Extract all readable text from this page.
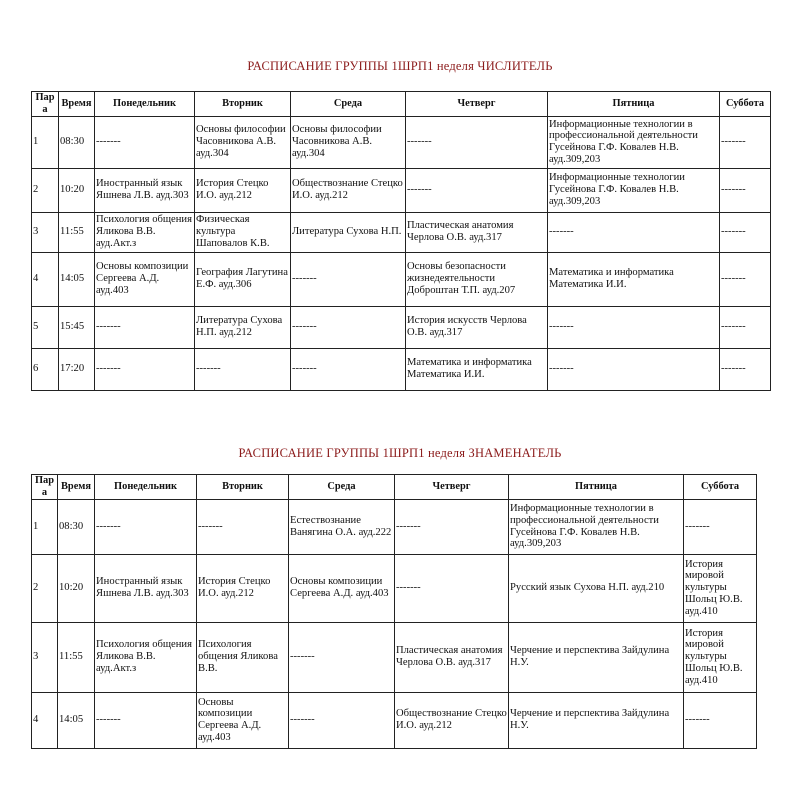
РАСПИСАНИЕ ГРУППЫ 1ШРП1 неделя ЧИСЛИТЕЛЬ
Пара	Время	Понедельник	Вторник	Среда	Четверг	Пятница	Суббота
1	08:30	-------	Основы философии Часовникова А.В. ауд.304	Основы философии Часовникова А.В. ауд.304	-------	Информационные технологии в профессиональной деятельности Гусейнова Г.Ф. Ковалев Н.В. ауд.309,203	-------
2	10:20	Иностранный язык Яшнева Л.В. ауд.303	История Стецко И.О. ауд.212	Обществознание Стецко И.О. ауд.212	-------	Информационные технологии Гусейнова Г.Ф. Ковалев Н.В. ауд.309,203	-------
3	11:55	Психология общения Яликова В.В. ауд.Акт.з	Физическая культура Шаповалов К.В.	Литература Сухова Н.П.	Пластическая анатомия Черлова О.В. ауд.317	-------	-------
4	14:05	Основы композиции Сергеева А.Д. ауд.403	География Лагутина Е.Ф. ауд.306	-------	Основы безопасности жизнедеятельности Доброштан Т.П. ауд.207	Математика и информатика Математика И.И.	-------
5	15:45	-------	Литература Сухова Н.П. ауд.212	-------	История искусств Черлова О.В. ауд.317	-------	-------
6	17:20	-------	-------	-------	Математика и информатика Математика И.И.	-------	-------
РАСПИСАНИЕ ГРУППЫ 1ШРП1 неделя ЗНАМЕНАТЕЛЬ
Пара	Время	Понедельник	Вторник	Среда	Четверг	Пятница	Суббота
1	08:30	-------	-------	Естествознание Ванягина О.А. ауд.222	-------	Информационные технологии в профессиональной деятельности Гусейнова Г.Ф. Ковалев Н.В. ауд.309,203	-------
2	10:20	Иностранный язык Яшнева Л.В. ауд.303	История Стецко И.О. ауд.212	Основы композиции Сергеева А.Д. ауд.403	-------	Русский язык Сухова Н.П. ауд.210	История мировой культуры Шольц Ю.В. ауд.410
3	11:55	Психология общения Яликова В.В. ауд.Акт.з	Психология общения Яликова В.В.	-------	Пластическая анатомия Черлова О.В. ауд.317	Черчение и перспектива Зайдулина Н.У.	История мировой культуры Шольц Ю.В. ауд.410
4	14:05	-------	Основы композиции Сергеева А.Д. ауд.403	-------	Обществознание Стецко И.О. ауд.212	Черчение и перспектива Зайдулина Н.У.	-------
